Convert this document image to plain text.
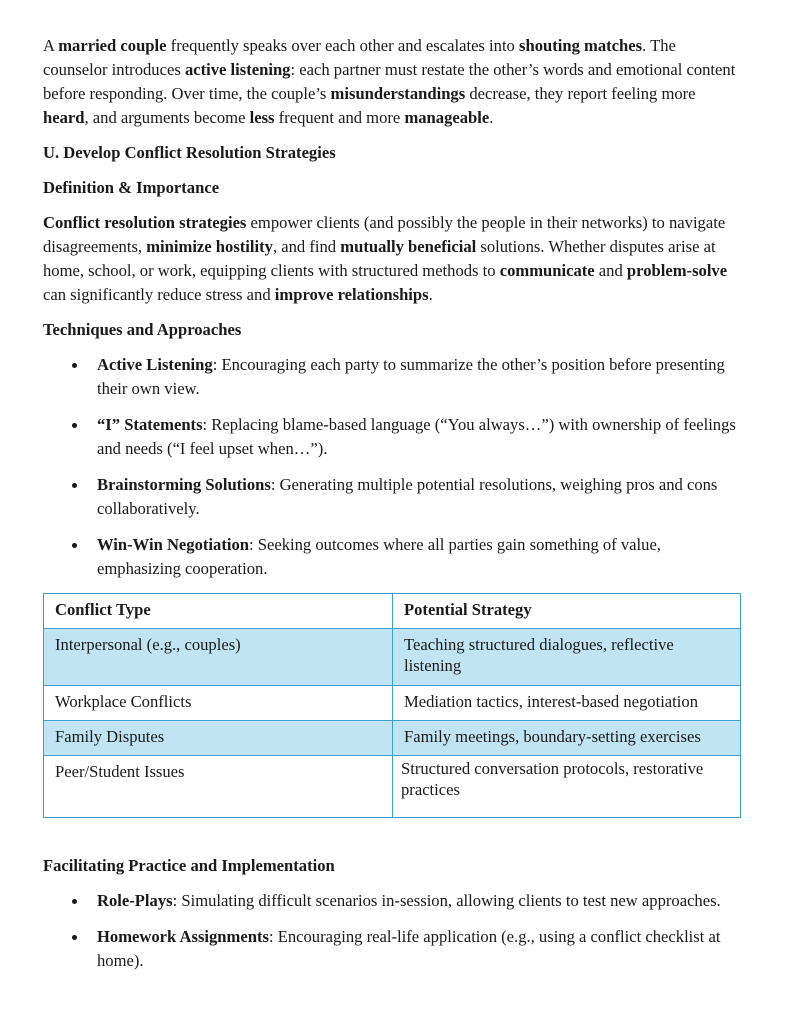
A married couple frequently speaks over each other and escalates into shouting matches. The counselor introduces active listening: each partner must restate the other’s words and emotional content before responding. Over time, the couple’s misunderstandings decrease, they report feeling more heard, and arguments become less frequent and more manageable.

U. Develop Conflict Resolution Strategies

Definition & Importance

Conflict resolution strategies empower clients (and possibly the people in their networks) to navigate disagreements, minimize hostility, and find mutually beneficial solutions. Whether disputes arise at home, school, or work, equipping clients with structured methods to communicate and problem-solve can significantly reduce stress and improve relationships.

Techniques and Approaches

Active Listening: Encouraging each party to summarize the other’s position before presenting their own view.
“I” Statements: Replacing blame-based language (“You always…”) with ownership of feelings and needs (“I feel upset when…”).
Brainstorming Solutions: Generating multiple potential resolutions, weighing pros and cons collaboratively.
Win-Win Negotiation: Seeking outcomes where all parties gain something of value, emphasizing cooperation.
Conflict Type	Potential Strategy
Interpersonal (e.g., couples)	Teaching structured dialogues, reflective listening
Workplace Conflicts	Mediation tactics, interest-based negotiation
Family Disputes	Family meetings, boundary-setting exercises
Peer/Student Issues	Structured conversation protocols, restorative practices

Facilitating Practice and Implementation

Role-Plays: Simulating difficult scenarios in-session, allowing clients to test new approaches.
Homework Assignments: Encouraging real-life application (e.g., using a conflict checklist at home).
